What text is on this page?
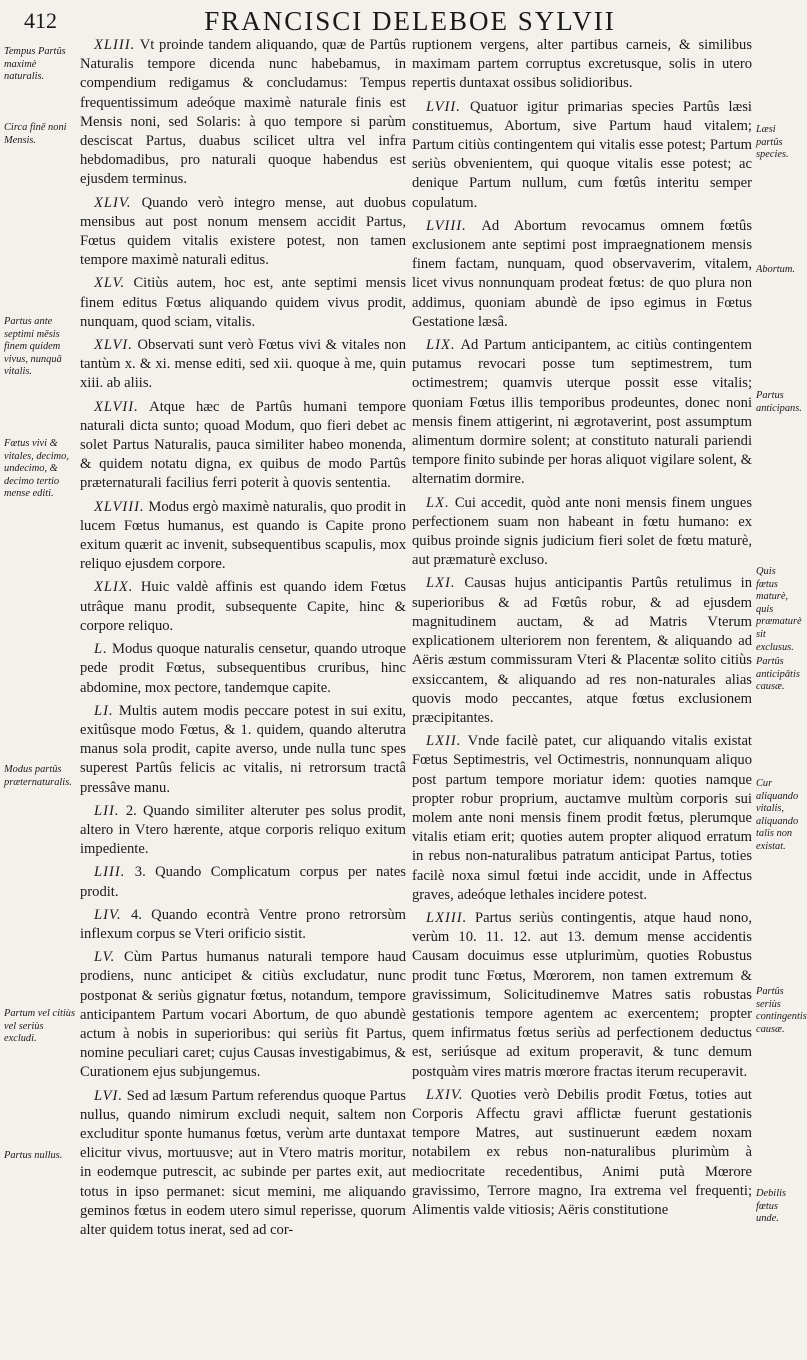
412	FRANCISCI DELEBOE SYLVII
Tempus Partûs maximè naturalis.
Circa finē noni Mensis.
Partus ante septimi mēsis finem quidem vivus, nunquā vitalis.
Fœtus vivi & vitales, decimo, undecimo, & decimo tertio mense editi.
Modus partûs præternaturalis.
Partum vel citiùs vel seriùs excludi.
Partus nullus.

XLIII. Vt proinde tandem aliquando, quæ de Partûs Naturalis tempore dicenda nunc habebamus, in compendium redigamus & concludamus: Tempus frequentissimum adeóque maximè naturale finis est Mensis noni, sed Solaris: à quo tempore si parùm desciscat Partus, duabus scilicet ultra vel infra hebdomadibus, pro naturali quoque habendus est ejusdem terminus.

XLIV. Quando verò integro mense, aut duobus mensibus aut post nonum mensem accidit Partus, Fœtus quidem vitalis existere potest, non tamen tempore maximè naturali editus.

XLV. Citiùs autem, hoc est, ante septimi mensis finem editus Fœtus aliquando quidem vivus prodit, nunquam, quod sciam, vitalis.

XLVI. Observati sunt verò Fœtus vivi & vitales non tantùm x. & xi. mense editi, sed xii. quoque à me, quin xiii. ab aliis.

XLVII. Atque hæc de Partûs humani tempore naturali dicta sunto; quoad Modum, quo fieri debet ac solet Partus Naturalis, pauca similiter habeo monenda, & quidem notatu digna, ex quibus de modo Partûs præternaturali facilius ferri poterit à quovis sententia.

XLVIII. Modus ergò maximè naturalis, quo prodit in lucem Fœtus humanus, est quando is Capite prono exitum quærit ac invenit, subsequentibus scapulis, mox reliquo ejusdem corpore.

XLIX. Huic valdè affinis est quando idem Fœtus utrâque manu prodit, subsequente Capite, hinc & corpore reliquo.

L. Modus quoque naturalis censetur, quando utroque pede prodit Fœtus, subsequentibus cruribus, hinc abdomine, mox pectore, tandemque capite.

LI. Multis autem modis peccare potest in sui exitu, exitûsque modo Fœtus, & 1. quidem, quando alterutra manus sola prodit, capite averso, unde nulla tunc spes superest Partûs felicis ac vitalis, ni retrorsum tractâ pressâve manu.

LII. 2. Quando similiter alteruter pes solus prodit, altero in Vtero hærente, atque corporis reliquo exitum impediente.

LIII. 3. Quando Complicatum corpus per nates prodit.

LIV. 4. Quando econtrà Ventre prono retrorsùm inflexum corpus se Vteri orificio sistit.

LV. Cùm Partus humanus naturali tempore haud prodiens, nunc anticipet & citiùs excludatur, nunc postponat & seriùs gignatur fœtus, notandum, tempore anticipantem Partum vocari Abortum, de quo abundè actum à nobis in superioribus: qui seriùs fit Partus, nomine peculiari caret; cujus Causas investigabimus, & Curationem ejus subjungemus.

LVI. Sed ad læsum Partum referendus quoque Partus nullus, quando nimirum excludi nequit, saltem non excluditur sponte humanus fœtus, verùm arte duntaxat elicitur vivus, mortuusve; aut in Vtero matris moritur, in eodemque putrescit, ac subinde per partes exit, aut totus in ipso permanet: sicut memini, me aliquando geminos fœtus in eodem utero simul reperisse, quorum alter quidem totus inerat, sed ad cor-

ruptionem vergens, alter partibus carneis, & similibus maximam partem corruptus excretusque, solis in utero repertis duntaxat ossibus solidioribus.

LVII. Quatuor igitur primarias species Partûs læsi constituemus, Abortum, sive Partum haud vitalem; Partum citiùs contingentem qui vitalis esse potest; Partum seriùs obvenientem, qui quoque vitalis esse potest; ac denique Partum nullum, cum fœtûs interitu semper copulatum.

LVIII. Ad Abortum revocamus omnem fœtûs exclusionem ante septimi post impraegnationem mensis finem factam, nunquam, quod observaverim, vitalem, licet vivus nonnunquam prodeat fœtus: de quo plura non addimus, quoniam abundè de ipso egimus in Fœtus Gestatione læsâ.

LIX. Ad Partum anticipantem, ac citiùs contingentem putamus revocari posse tum septimestrem, tum octimestrem; quamvis uterque possit esse vitalis; quoniam Fœtus illis temporibus prodeuntes, donec noni mensis finem attigerint, ni ægrotaverint, post assumptum alimentum dormire solent; at constituto naturali pariendi tempore finito subinde per horas aliquot vigilare solent, & alternatim dormire.

LX. Cui accedit, quòd ante noni mensis finem ungues perfectionem suam non habeant in fœtu humano: ex quibus proinde signis judicium fieri solet de fœtu maturè, aut præmaturè excluso.

LXI. Causas hujus anticipantis Partûs retulimus in superioribus & ad Fœtûs robur, & ad ejusdem magnitudinem auctam, & ad Matris Vterum explicationem ulteriorem non ferentem, & aliquando ad Aëris æstum commissuram Vteri & Placentæ solito citiùs exsiccantem, & aliquando ad res non-naturales alias quovis modo peccantes, atque fœtus exclusionem præcipitantes.

LXII. Vnde facilè patet, cur aliquando vitalis existat Fœtus Septimestris, vel Octimestris, nonnunquam aliquo post partum tempore moriatur idem: quoties namque propter robur proprium, auctamve multùm corporis sui molem ante noni mensis finem prodit fœtus, plerumque vitalis etiam erit; quoties autem propter aliquod erratum in rebus non-naturalibus patratum anticipat Partus, toties facilè noxa simul fœtui inde accidit, unde in Affectus graves, adeóque lethales incidere potest.

LXIII. Partus seriùs contingentis, atque haud nono, verùm 10. 11. 12. aut 13. demum mense accidentis Causam docuimus esse utplurimùm, quoties Robustus prodit tunc Fœtus, Mœrorem, non tamen extremum & gravissimum, Solicitudinemve Matres satis robustas gestationis tempore agentem ac exercentem; propter quem infirmatus fœtus seriùs ad perfectionem deductus est, seriúsque ad exitum properavit, & tunc demum postquàm vires matris mœrore fractas iterum recuperavit.

LXIV. Quoties verò Debilis prodit Fœtus, toties aut Corporis Affectu gravi afflictæ fuerunt gestationis tempore Matres, aut sustinuerunt eædem noxam notabilem ex rebus non-naturalibus plurimùm à mediocritate recedentibus, Animi putà Mœrore gravissimo, Terrore magno, Ira extrema vel frequenti; Alimentis valde vitiosis; Aëris constitutione

Læsi partûs species.
Abortum.
Partus anticipans.
Quis fœtus maturè, quis præmaturè sit exclusus.
Partûs anticipātis causæ.
Cur aliquando vitalis, aliquando talis non existat.
Partûs seriùs contingentis causæ.
Debilis fœtus unde.
